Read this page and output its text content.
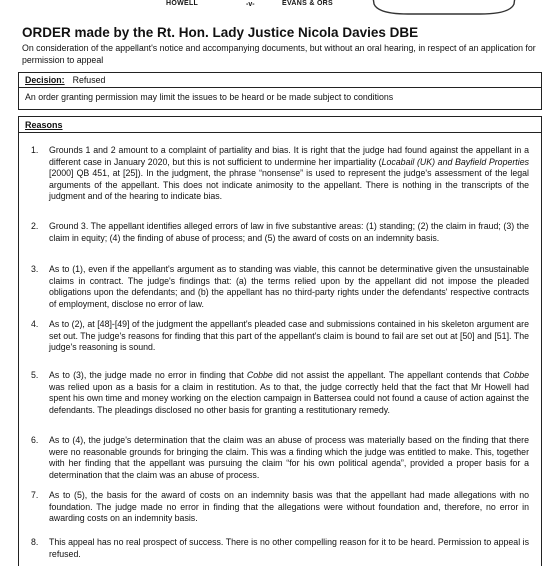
HOWELL	-v-	EVANS & ORS
ORDER made by the Rt. Hon. Lady Justice Nicola Davies DBE
On consideration of the appellant's notice and accompanying documents, but without an oral hearing, in respect of an application for permission to appeal
Decision: Refused
An order granting permission may limit the issues to be heard or be made subject to conditions
Reasons
1. Grounds 1 and 2 amount to a complaint of partiality and bias. It is right that the judge had found against the appellant in a different case in January 2020, but this is not sufficient to undermine her impartiality (Locabail (UK) and Bayfield Properties [2000] QB 451, at [25]). In the judgment, the phrase “nonsense” is used to represent the judge's assessment of the legal arguments of the appellant. This does not indicate animosity to the appellant. There is nothing in the transcripts of the judgment and of the hearing to indicate bias.
2. Ground 3. The appellant identifies alleged errors of law in five substantive areas: (1) standing; (2) the claim in fraud; (3) the claim in equity; (4) the finding of abuse of process; and (5) the award of costs on an indemnity basis.
3. As to (1), even if the appellant's argument as to standing was viable, this cannot be determinative given the unsustainable claims in contract. The judge's findings that: (a) the terms relied upon by the appellant did not impose the pleaded obligations upon the defendants; and (b) the appellant has no third-party rights under the defendants' respective contracts of employment, disclose no error of law.
4. As to (2), at [48]-[49] of the judgment the appellant's pleaded case and submissions contained in his skeleton argument are set out. The judge's reasons for finding that this part of the appellant's claim is bound to fail are set out at [50] and [51]. The judge's reasoning is sound.
5. As to (3), the judge made no error in finding that Cobbe did not assist the appellant. The appellant contends that Cobbe was relied upon as a basis for a claim in restitution. As to that, the judge correctly held that the fact that Mr Howell had spent his own time and money working on the election campaign in Battersea could not found a cause of action against the defendants. The pleadings disclosed no other basis for granting a restitutionary remedy.
6. As to (4), the judge's determination that the claim was an abuse of process was materially based on the finding that there were no reasonable grounds for bringing the claim. This was a finding which the judge was entitled to make. This, together with her finding that the appellant was pursuing the claim “for his own political agenda”, provided a proper basis for a determination that the claim was an abuse of process.
7. As to (5), the basis for the award of costs on an indemnity basis was that the appellant had made allegations with no foundation. The judge made no error in finding that the allegations were without foundation and, therefore, no error in awarding costs on an indemnity basis.
8. This appeal has no real prospect of success. There is no other compelling reason for it to be heard. Permission to appeal is refused.
